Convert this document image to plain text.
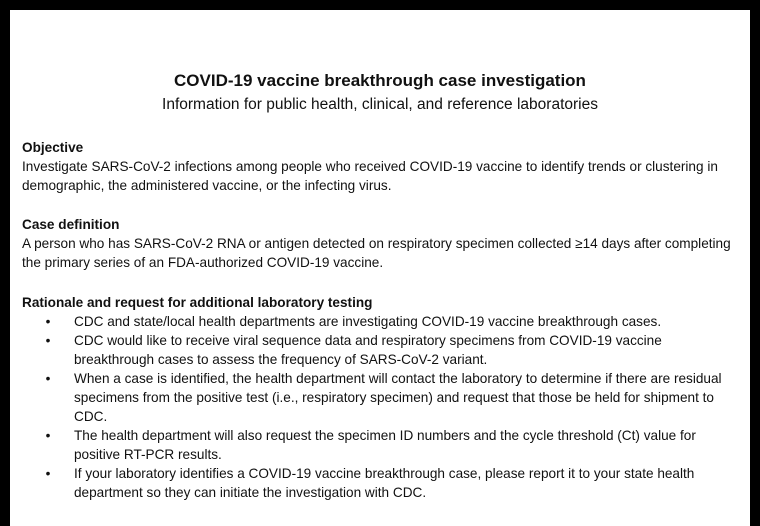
COVID-19 vaccine breakthrough case investigation
Information for public health, clinical, and reference laboratories
Objective
Investigate SARS-CoV-2 infections among people who received COVID-19 vaccine to identify trends or clustering in demographic, the administered vaccine, or the infecting virus.
Case definition
A person who has SARS-CoV-2 RNA or antigen detected on respiratory specimen collected ≥14 days after completing the primary series of an FDA-authorized COVID-19 vaccine.
Rationale and request for additional laboratory testing
• CDC and state/local health departments are investigating COVID-19 vaccine breakthrough cases.
• CDC would like to receive viral sequence data and respiratory specimens from COVID-19 vaccine breakthrough cases to assess the frequency of SARS-CoV-2 variant.
• When a case is identified, the health department will contact the laboratory to determine if there are residual specimens from the positive test (i.e., respiratory specimen) and request that those be held for shipment to CDC.
• The health department will also request the specimen ID numbers and the cycle threshold (Ct) value for positive RT-PCR results.
• If your laboratory identifies a COVID-19 vaccine breakthrough case, please report it to your state health department so they can initiate the investigation with CDC.
